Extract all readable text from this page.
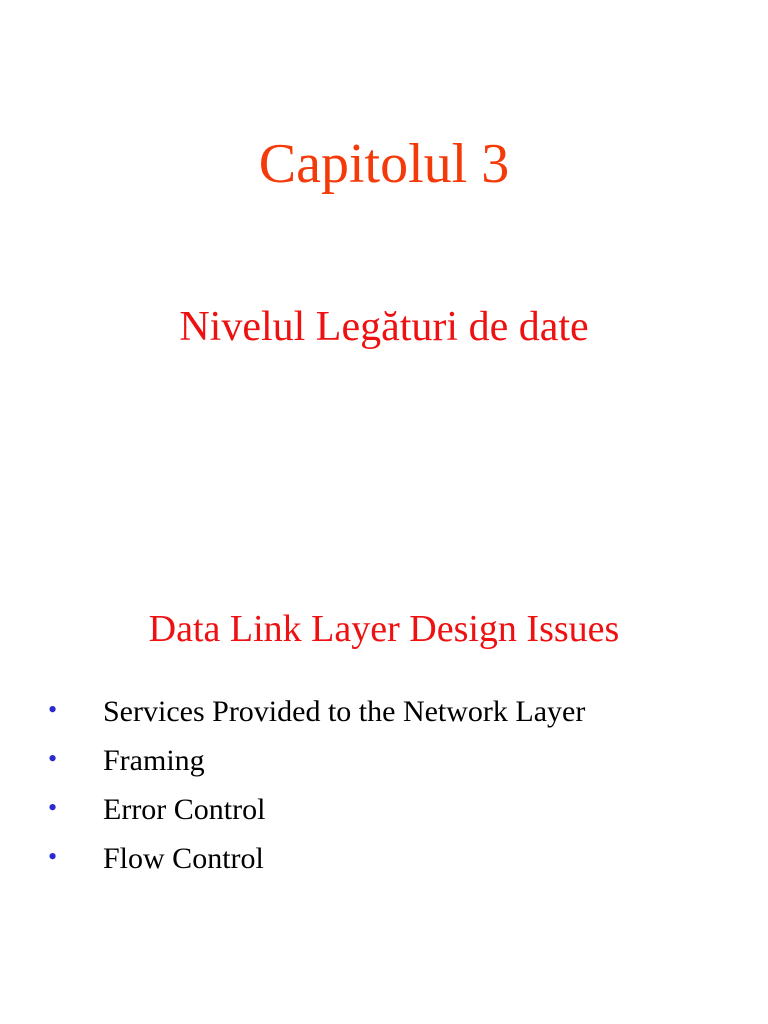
Capitolul 3
Nivelul Legături de date
Data Link Layer Design Issues
•	Services Provided to the Network Layer
•	Framing
•	Error Control
•	Flow Control
